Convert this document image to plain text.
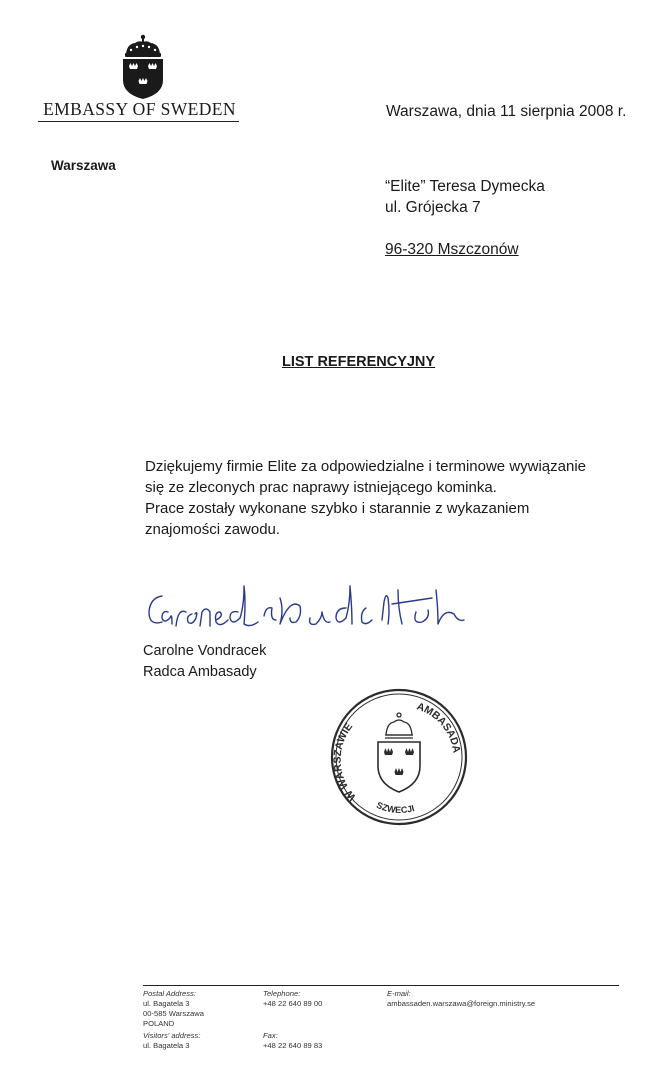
EMBASSY OF SWEDEN	Warszawa, dnia 11 sierpnia 2008 r.
Warszawa
“Elite” Teresa Dymecka
ul. Grójecka 7
96-320 Mszczonów
LIST REFERENCYJNY
Dziękujemy firmie Elite za odpowiedzialne i terminowe wywiązanie
się ze zleconych prac naprawy istniejącego kominka.
Prace zostały wykonane szybko i starannie z wykazaniem
znajomości zawodu.
Carolne Vondracek
Radca Ambasady
W WARSZAWIE
AMBASADA
SZWECJI
Postal Address:
ul. Bagatela 3
00-585 Warszawa
POLAND
Visitors' address:
ul. Bagatela 3
Telephone:
+48 22 640 89 00
Fax:
+48 22 640 89 83
E-mail:
ambassaden.warszawa@foreign.ministry.se
